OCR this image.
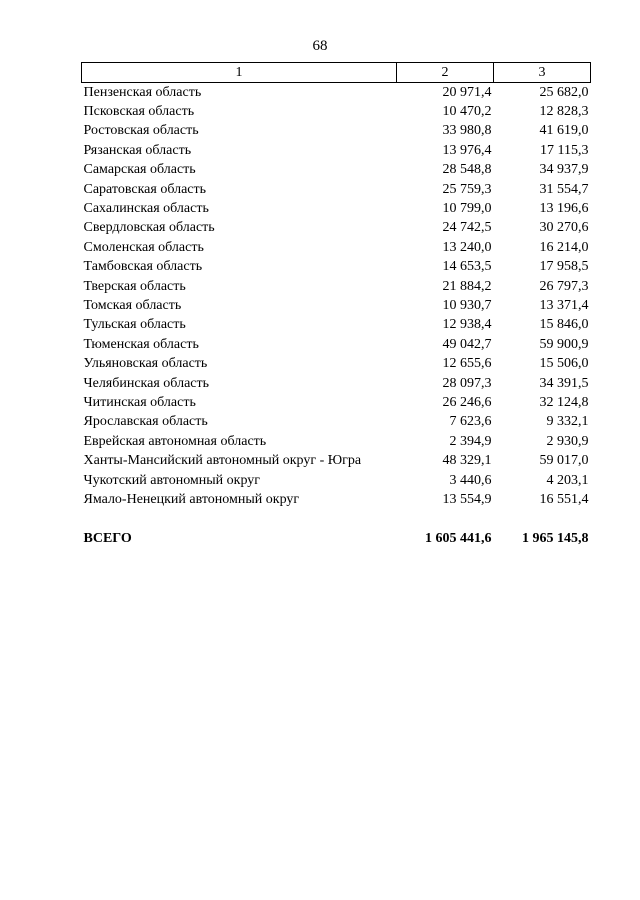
68
1	2	3
Пензенская область	20 971,4	25 682,0
Псковская область	10 470,2	12 828,3
Ростовская область	33 980,8	41 619,0
Рязанская область	13 976,4	17 115,3
Самарская область	28 548,8	34 937,9
Саратовская область	25 759,3	31 554,7
Сахалинская область	10 799,0	13 196,6
Свердловская область	24 742,5	30 270,6
Смоленская область	13 240,0	16 214,0
Тамбовская область	14 653,5	17 958,5
Тверская область	21 884,2	26 797,3
Томская область	10 930,7	13 371,4
Тульская область	12 938,4	15 846,0
Тюменская область	49 042,7	59 900,9
Ульяновская область	12 655,6	15 506,0
Челябинская область	28 097,3	34 391,5
Читинская область	26 246,6	32 124,8
Ярославская область	7 623,6	9 332,1
Еврейская автономная область	2 394,9	2 930,9
Ханты-Мансийский автономный округ - Югра	48 329,1	59 017,0
Чукотский автономный округ	3 440,6	4 203,1
Ямало-Ненецкий автономный округ	13 554,9	16 551,4

ВСЕГО	1 605 441,6	1 965 145,8
